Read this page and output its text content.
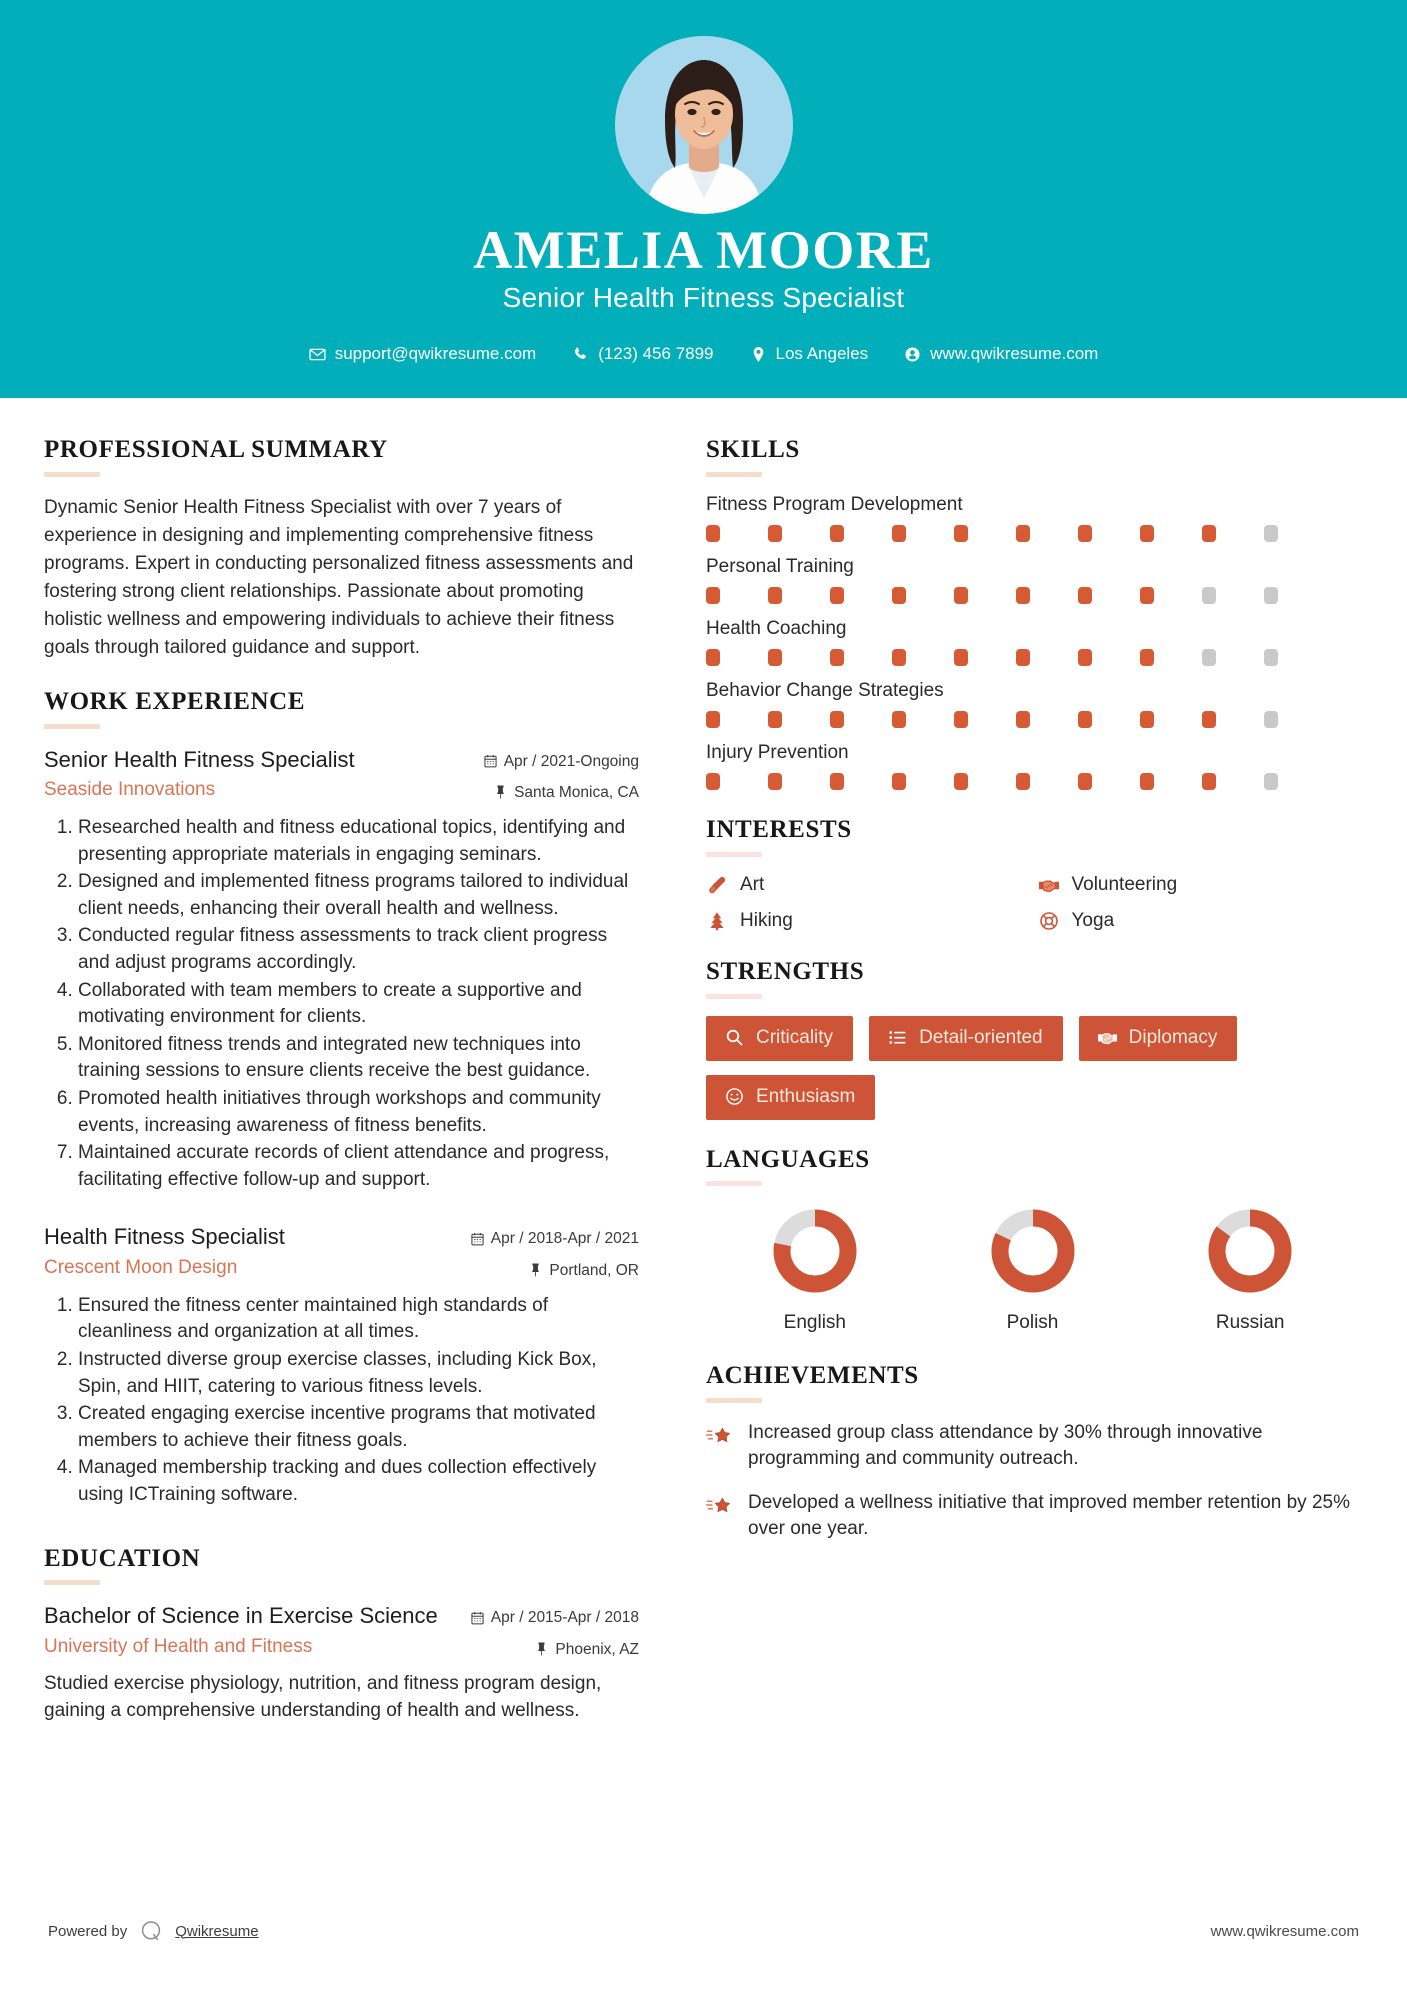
AMELIA MOORE
Senior Health Fitness Specialist
support@qwikresume.com	(123) 456 7899	Los Angeles	www.qwikresume.com
PROFESSIONAL SUMMARY
Dynamic Senior Health Fitness Specialist with over 7 years of experience in designing and implementing comprehensive fitness programs. Expert in conducting personalized fitness assessments and fostering strong client relationships. Passionate about promoting holistic wellness and empowering individuals to achieve their fitness goals through tailored guidance and support.
WORK EXPERIENCE
Senior Health Fitness Specialist
Seaside Innovations
Apr / 2021-Ongoing
Santa Monica, CA
1. Researched health and fitness educational topics, identifying and presenting appropriate materials in engaging seminars.
2. Designed and implemented fitness programs tailored to individual client needs, enhancing their overall health and wellness.
3. Conducted regular fitness assessments to track client progress and adjust programs accordingly.
4. Collaborated with team members to create a supportive and motivating environment for clients.
5. Monitored fitness trends and integrated new techniques into training sessions to ensure clients receive the best guidance.
6. Promoted health initiatives through workshops and community events, increasing awareness of fitness benefits.
7. Maintained accurate records of client attendance and progress, facilitating effective follow-up and support.
Health Fitness Specialist
Crescent Moon Design
Apr / 2018-Apr / 2021
Portland, OR
1. Ensured the fitness center maintained high standards of cleanliness and organization at all times.
2. Instructed diverse group exercise classes, including Kick Box, Spin, and HIIT, catering to various fitness levels.
3. Created engaging exercise incentive programs that motivated members to achieve their fitness goals.
4. Managed membership tracking and dues collection effectively using ICTraining software.
EDUCATION
Bachelor of Science in Exercise Science
University of Health and Fitness
Apr / 2015-Apr / 2018
Phoenix, AZ
Studied exercise physiology, nutrition, and fitness program design, gaining a comprehensive understanding of health and wellness.
SKILLS
Fitness Program Development
Personal Training
Health Coaching
Behavior Change Strategies
Injury Prevention
INTERESTS
Art	Volunteering
Hiking	Yoga
STRENGTHS
Criticality	Detail-oriented	Diplomacy
Enthusiasm
LANGUAGES
English	Polish	Russian
ACHIEVEMENTS
Increased group class attendance by 30% through innovative programming and community outreach.
Developed a wellness initiative that improved member retention by 25% over one year.
Powered by	Qwikresume	www.qwikresume.com
